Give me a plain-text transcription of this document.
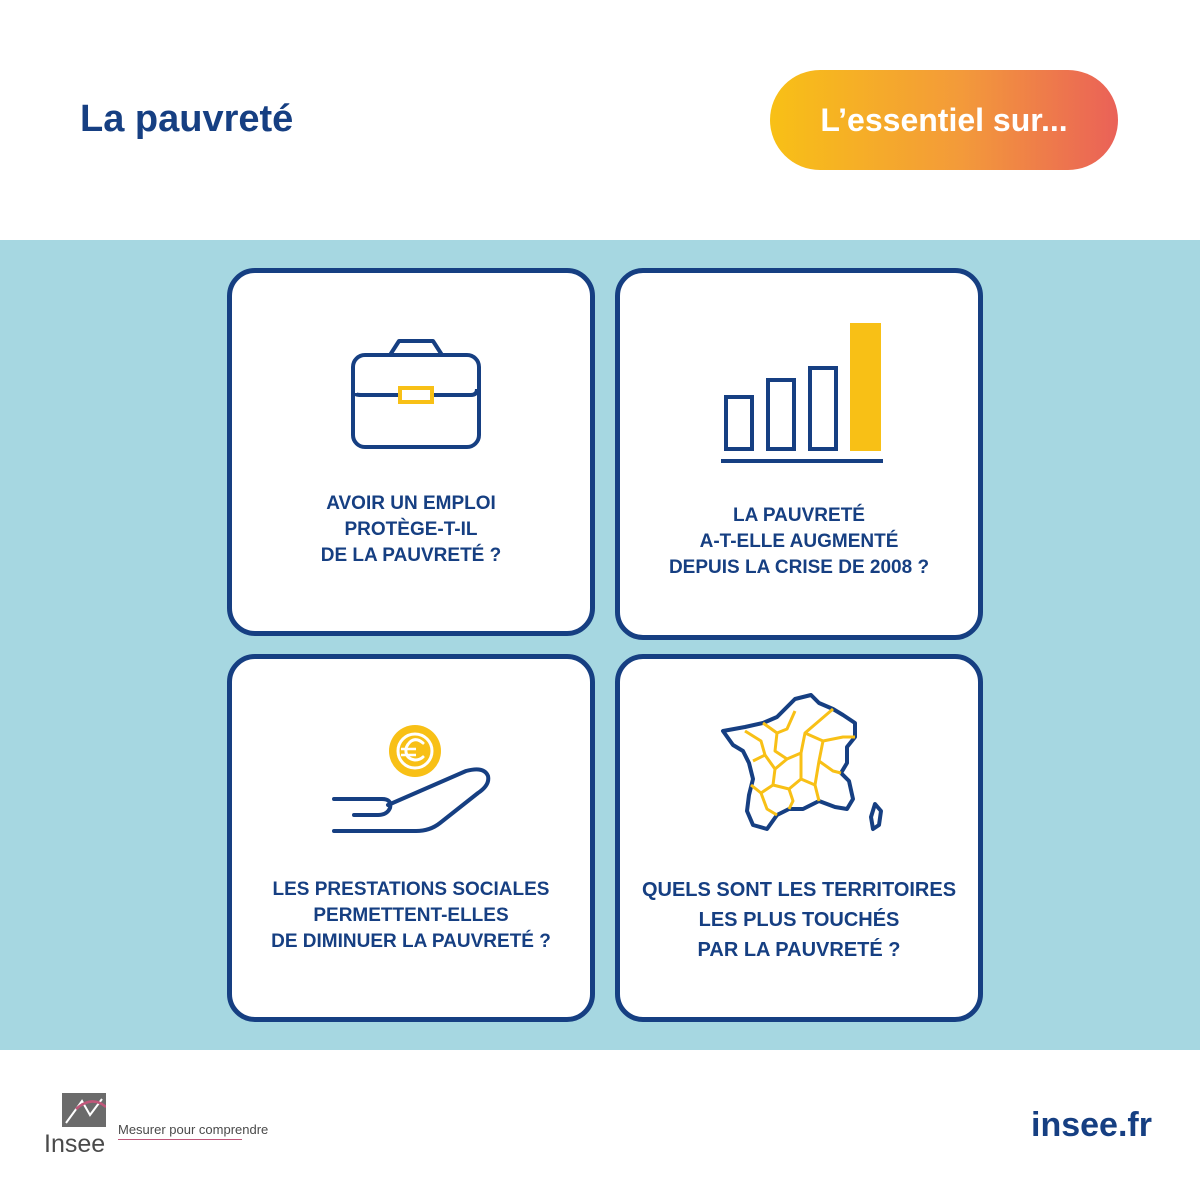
La pauvreté	L’essentiel sur...
AVOIR UN EMPLOI
PROTÈGE-T-IL
DE LA PAUVRETÉ ?
LA PAUVRETÉ
A-T-ELLE AUGMENTÉ
DEPUIS LA CRISE DE 2008 ?
LES PRESTATIONS SOCIALES
PERMETTENT-ELLES
DE DIMINUER LA PAUVRETÉ ?
QUELS SONT LES TERRITOIRES
LES PLUS TOUCHÉS
PAR LA PAUVRETÉ ?
Insee
Mesurer pour comprendre	insee.fr
